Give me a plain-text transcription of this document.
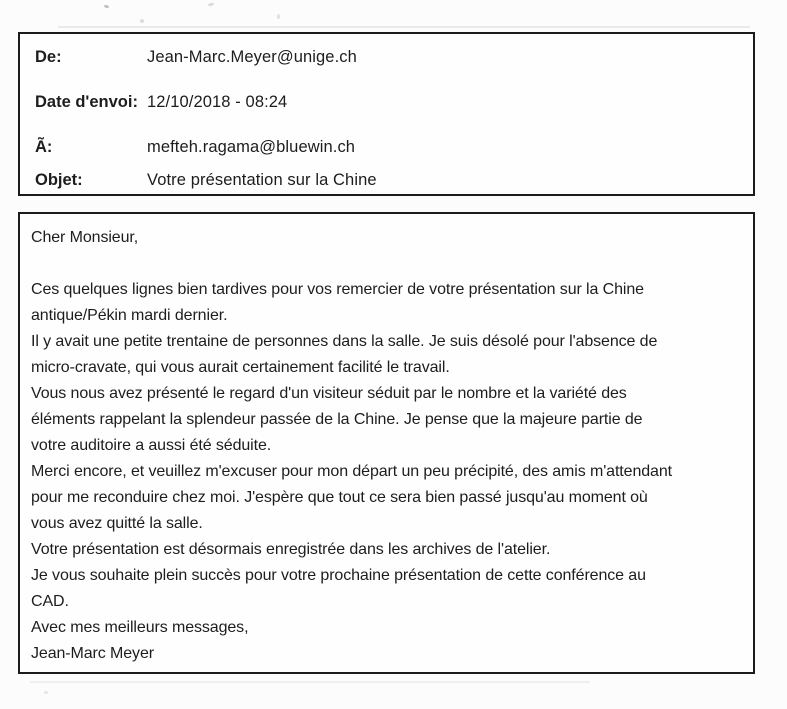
De:	Jean-Marc.Meyer@unige.ch
Date d'envoi: 12/10/2018 - 08:24
Ã:	mefteh.ragama@bluewin.ch
Objet:	Votre présentation sur la Chine
Cher Monsieur,
Ces quelques lignes bien tardives pour vos remercier de votre présentation sur la Chine
antique/Pékin mardi dernier.
Il y avait une petite trentaine de personnes dans la salle. Je suis désolé pour l'absence de
micro-cravate, qui vous aurait certainement facilité le travail.
Vous nous avez présenté le regard d'un visiteur séduit par le nombre et la variété des
éléments rappelant la splendeur passée de la Chine. Je pense que la majeure partie de
votre auditoire a aussi été séduite.
Merci encore, et veuillez m'excuser pour mon départ un peu précipité, des amis m'attendant
pour me reconduire chez moi. J'espère que tout ce sera bien passé jusqu'au moment où
vous avez quitté la salle.
Votre présentation est désormais enregistrée dans les archives de l'atelier.
Je vous souhaite plein succès pour votre prochaine présentation de cette conférence au
CAD.
Avec mes meilleurs messages,
Jean-Marc Meyer
